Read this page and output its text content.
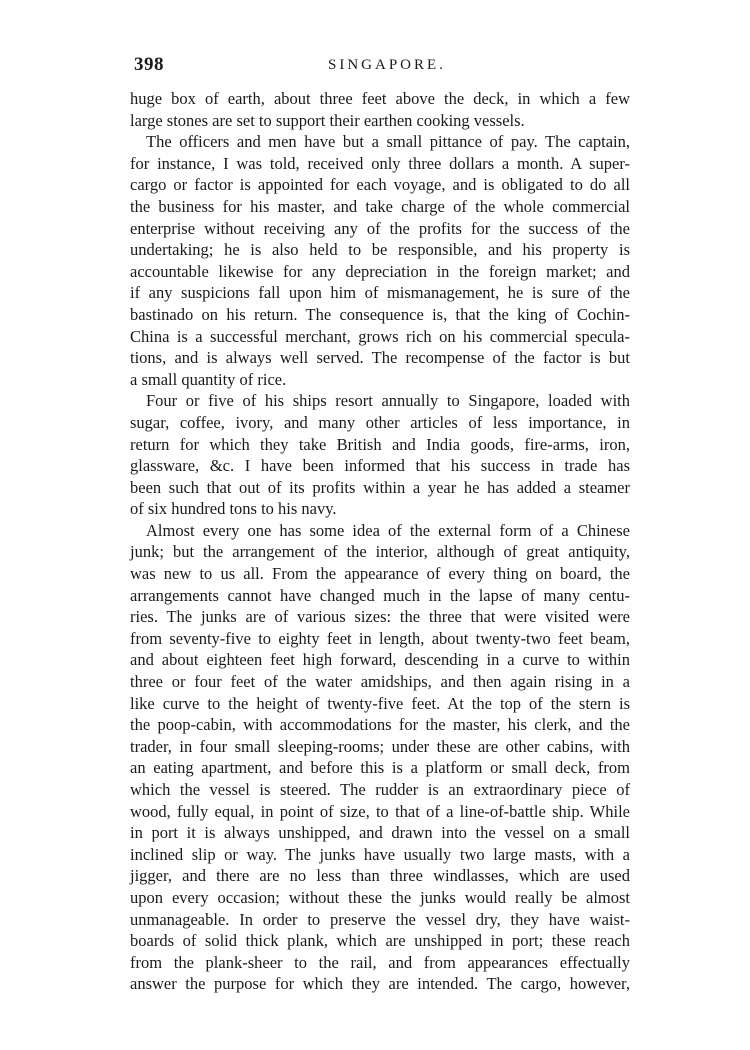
398	SINGAPORE.
huge box of earth, about three feet above the deck, in which a few
large stones are set to support their earthen cooking vessels.
The officers and men have but a small pittance of pay. The captain,
for instance, I was told, received only three dollars a month. A super-
cargo or factor is appointed for each voyage, and is obligated to do all
the business for his master, and take charge of the whole commercial
enterprise without receiving any of the profits for the success of the
undertaking; he is also held to be responsible, and his property is
accountable likewise for any depreciation in the foreign market; and
if any suspicions fall upon him of mismanagement, he is sure of the
bastinado on his return. The consequence is, that the king of Cochin-
China is a successful merchant, grows rich on his commercial specula-
tions, and is always well served. The recompense of the factor is but
a small quantity of rice.
Four or five of his ships resort annually to Singapore, loaded with
sugar, coffee, ivory, and many other articles of less importance, in
return for which they take British and India goods, fire-arms, iron,
glassware, &c. I have been informed that his success in trade has
been such that out of its profits within a year he has added a steamer
of six hundred tons to his navy.
Almost every one has some idea of the external form of a Chinese
junk; but the arrangement of the interior, although of great antiquity,
was new to us all. From the appearance of every thing on board, the
arrangements cannot have changed much in the lapse of many centu-
ries. The junks are of various sizes: the three that were visited were
from seventy-five to eighty feet in length, about twenty-two feet beam,
and about eighteen feet high forward, descending in a curve to within
three or four feet of the water amidships, and then again rising in a
like curve to the height of twenty-five feet. At the top of the stern is
the poop-cabin, with accommodations for the master, his clerk, and the
trader, in four small sleeping-rooms; under these are other cabins, with
an eating apartment, and before this is a platform or small deck, from
which the vessel is steered. The rudder is an extraordinary piece of
wood, fully equal, in point of size, to that of a line-of-battle ship. While
in port it is always unshipped, and drawn into the vessel on a small
inclined slip or way. The junks have usually two large masts, with a
jigger, and there are no less than three windlasses, which are used
upon every occasion; without these the junks would really be almost
unmanageable. In order to preserve the vessel dry, they have waist-
boards of solid thick plank, which are unshipped in port; these reach
from the plank-sheer to the rail, and from appearances effectually
answer the purpose for which they are intended. The cargo, however,
